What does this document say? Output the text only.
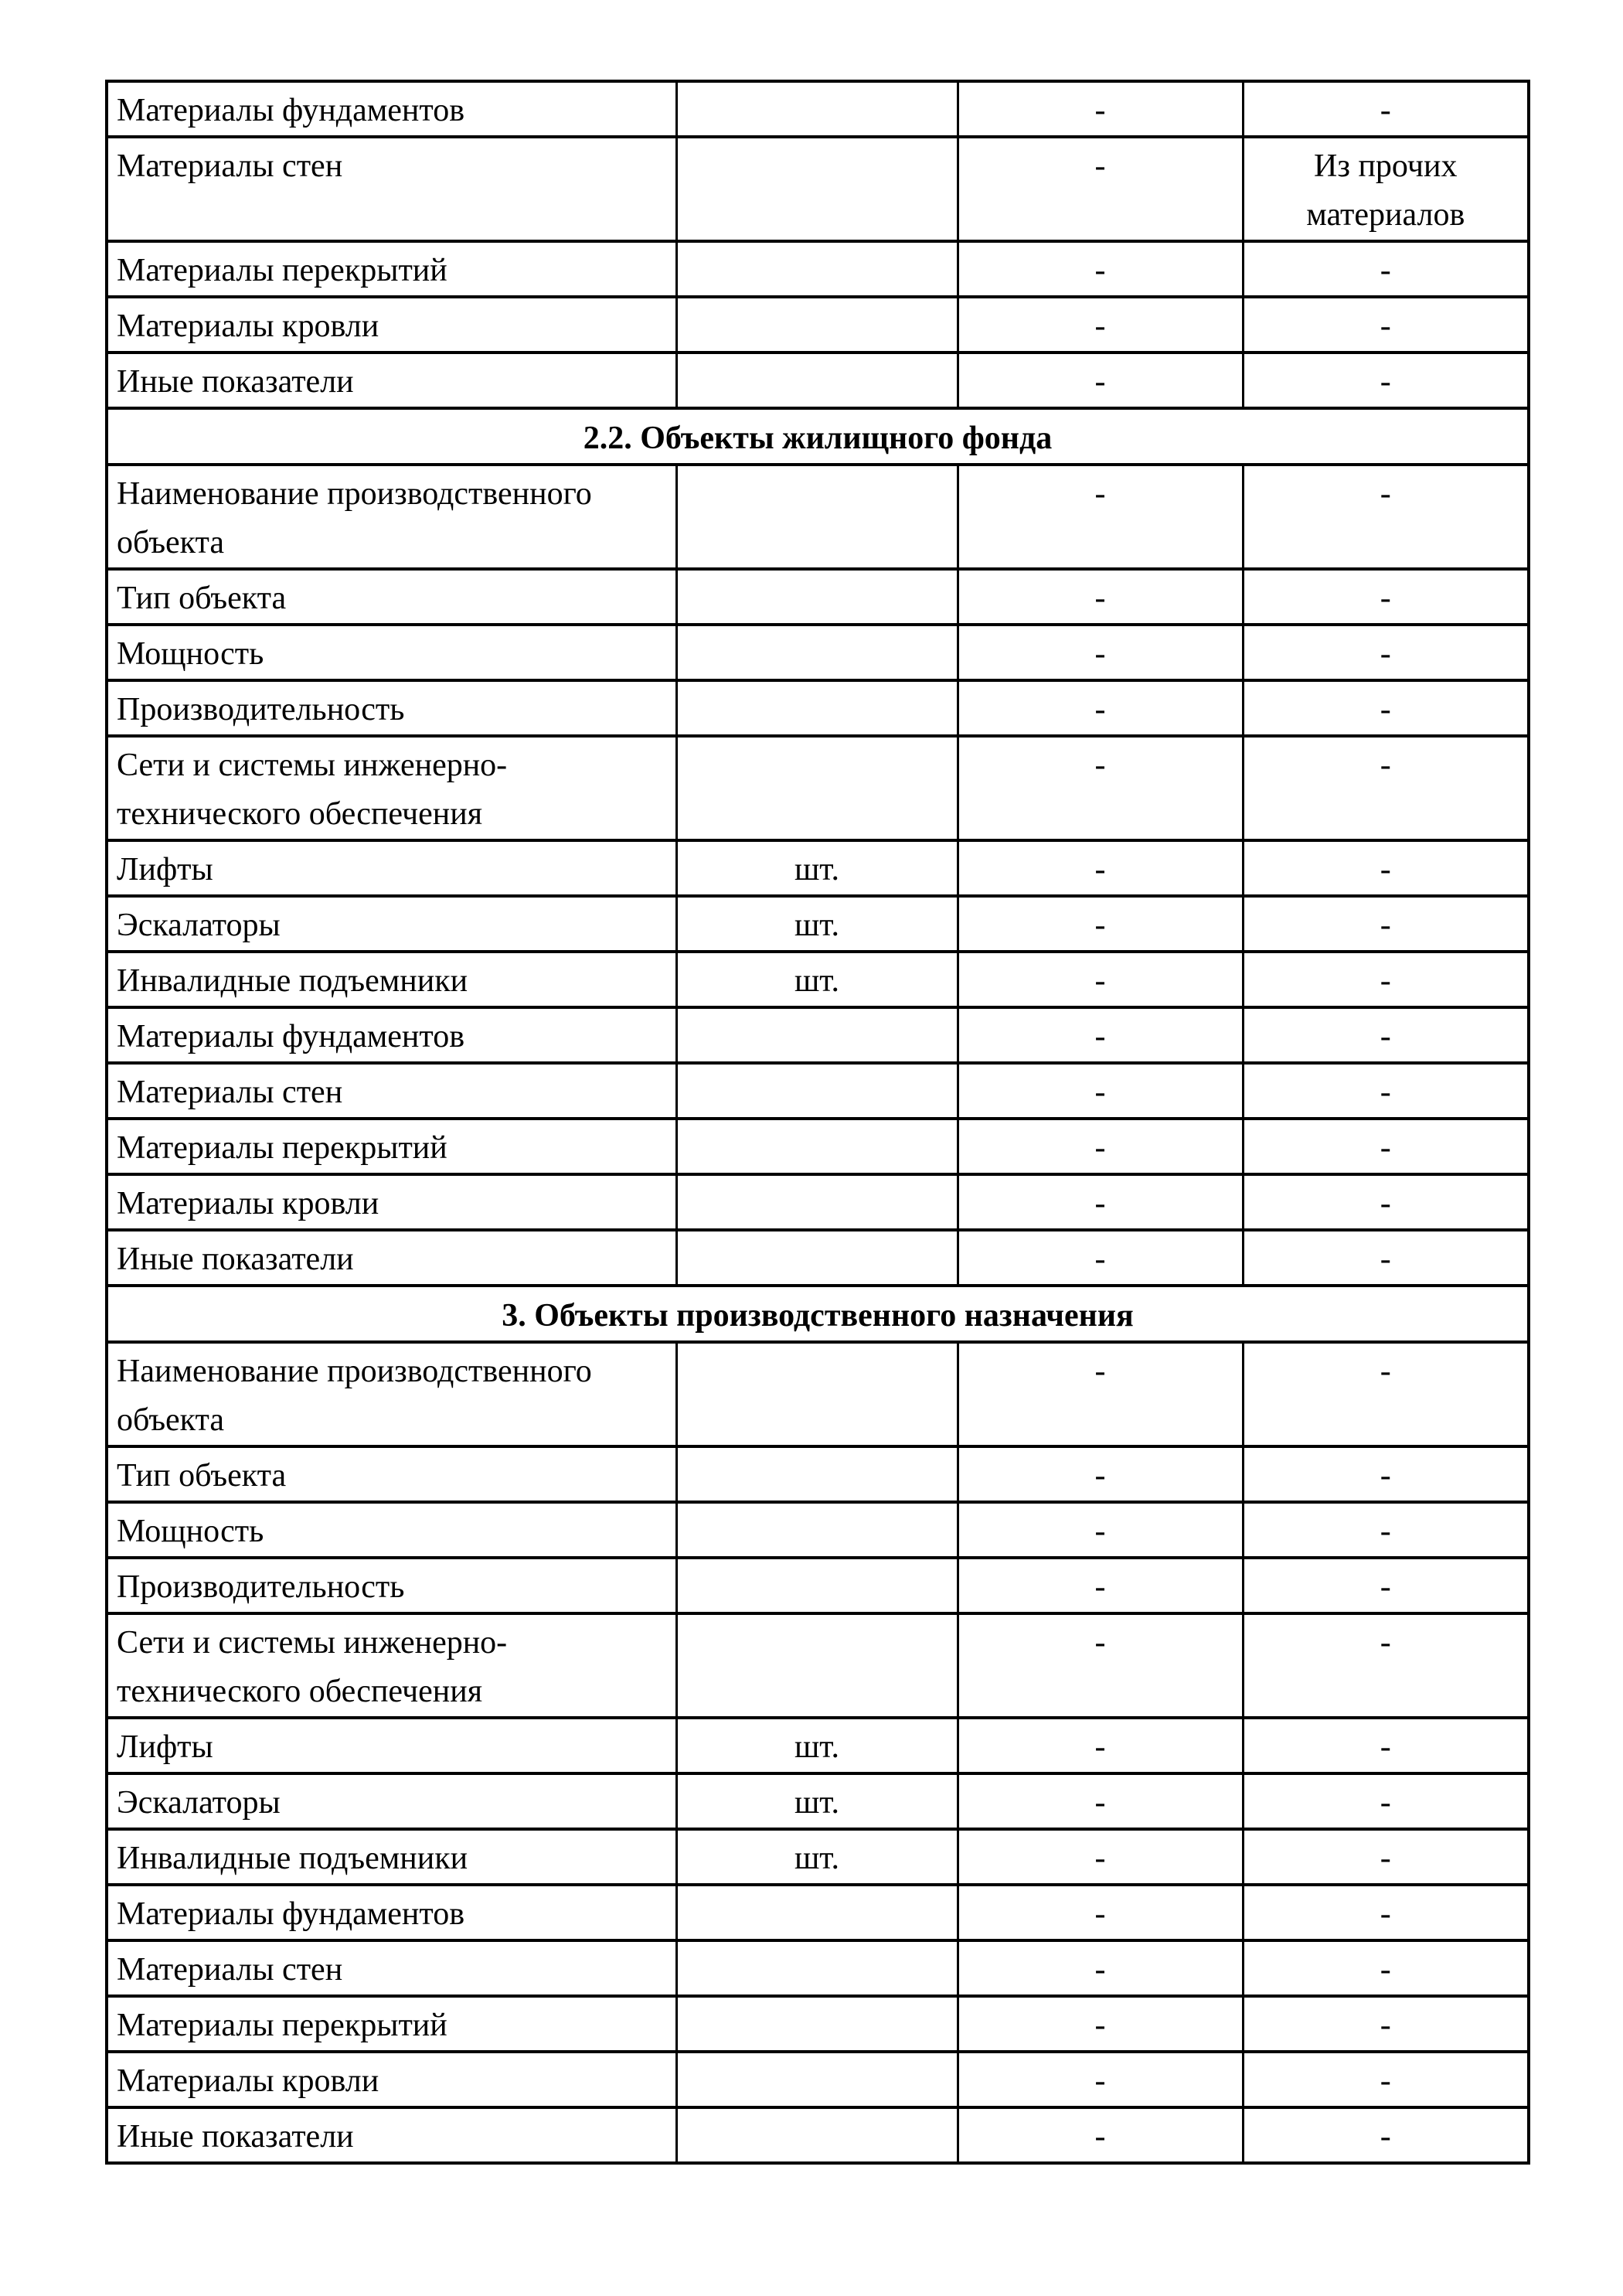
Материалы фундаментов		-	-
Материалы стен		-	Из прочих материалов
Материалы перекрытий		-	-
Материалы кровли		-	-
Иные показатели		-	-
2.2. Объекты жилищного фонда			
Наименование производственного объекта		-	-
Тип объекта		-	-
Мощность		-	-
Производительность		-	-
Сети и системы инженерно-технического обеспечения		-	-
Лифты	шт.	-	-
Эскалаторы	шт.	-	-
Инвалидные подъемники	шт.	-	-
Материалы фундаментов		-	-
Материалы стен		-	-
Материалы перекрытий		-	-
Материалы кровли		-	-
Иные показатели		-	-
3. Объекты производственного назначения			
Наименование производственного объекта		-	-
Тип объекта		-	-
Мощность		-	-
Производительность		-	-
Сети и системы инженерно-технического обеспечения		-	-
Лифты	шт.	-	-
Эскалаторы	шт.	-	-
Инвалидные подъемники	шт.	-	-
Материалы фундаментов		-	-
Материалы стен		-	-
Материалы перекрытий		-	-
Материалы кровли		-	-
Иные показатели		-	-
